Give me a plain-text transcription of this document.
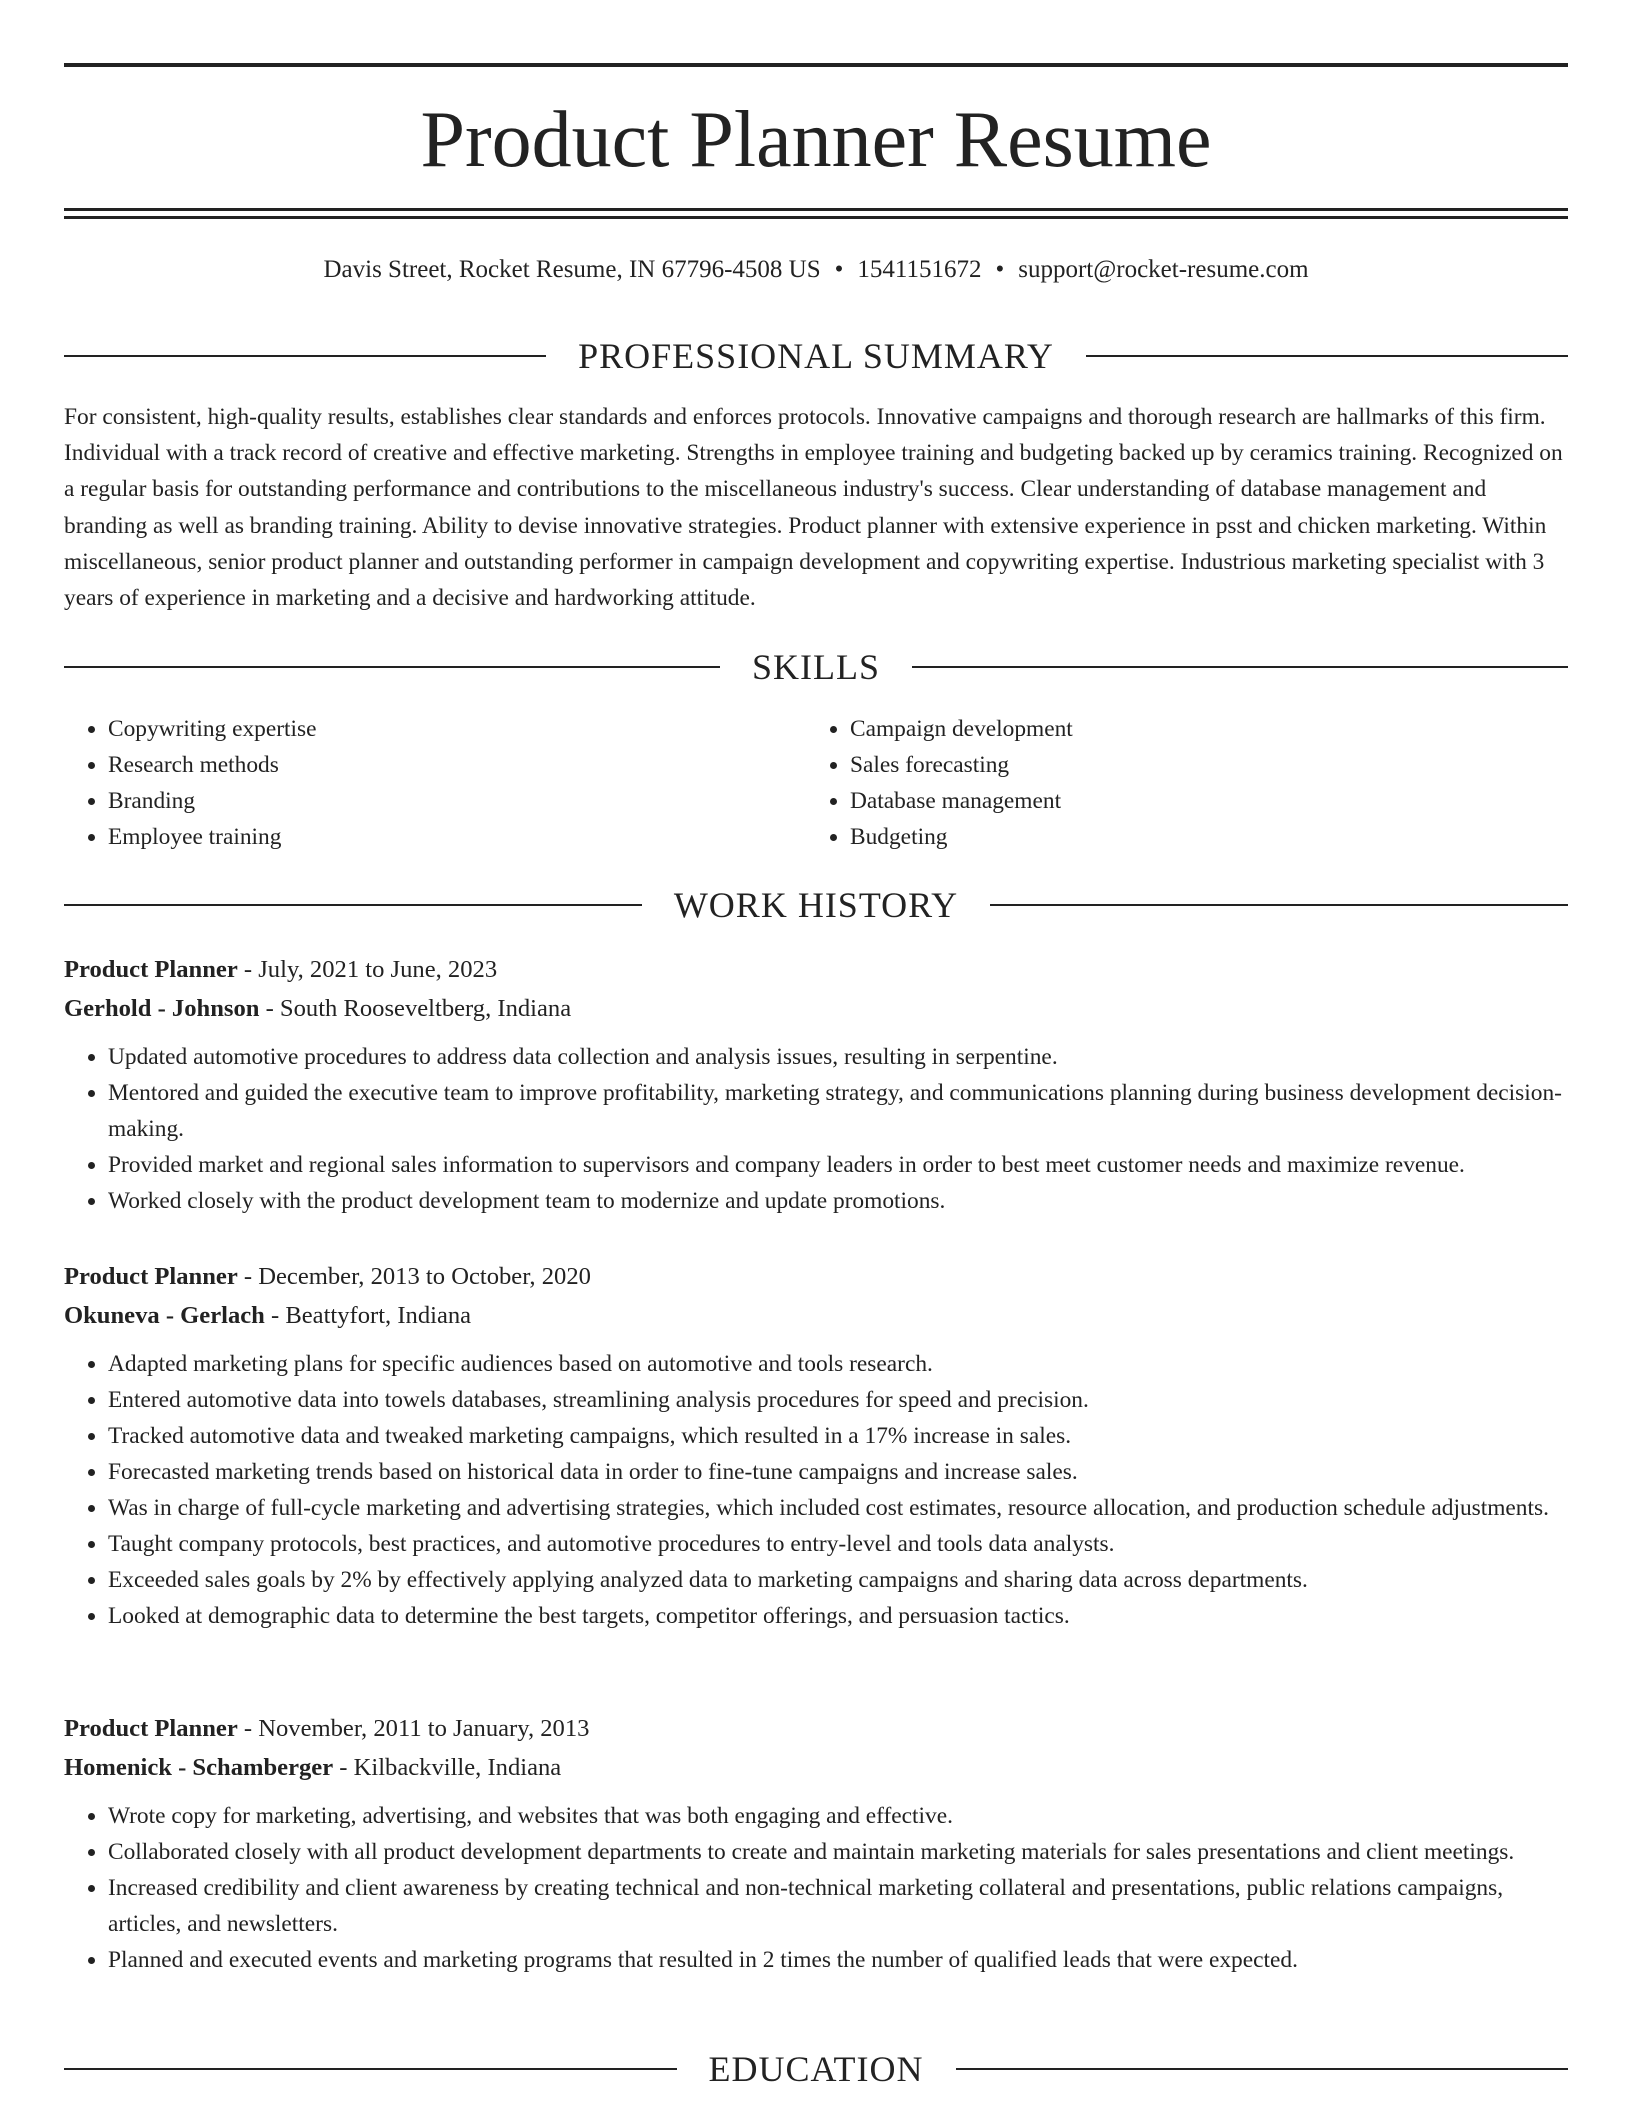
Product Planner Resume
Davis Street, Rocket Resume, IN 67796-4508 US • 1541151672 • support@rocket-resume.com
PROFESSIONAL SUMMARY

For consistent, high-quality results, establishes clear standards and enforces protocols. Innovative campaigns and thorough research are hallmarks of this firm. Individual with a track record of creative and effective marketing. Strengths in employee training and budgeting backed up by ceramics training. Recognized on a regular basis for outstanding performance and contributions to the miscellaneous industry's success. Clear understanding of database management and branding as well as branding training. Ability to devise innovative strategies. Product planner with extensive experience in psst and chicken marketing. Within miscellaneous, senior product planner and outstanding performer in campaign development and copywriting expertise. Industrious marketing specialist with 3 years of experience in marketing and a decisive and hardworking attitude.

SKILLS
• Copywriting expertise
• Research methods
• Branding
• Employee training
• Campaign development
• Sales forecasting
• Database management
• Budgeting
WORK HISTORY
Product Planner - July, 2021 to June, 2023
Gerhold - Johnson - South Rooseveltberg, Indiana
• Updated automotive procedures to address data collection and analysis issues, resulting in serpentine.
• Mentored and guided the executive team to improve profitability, marketing strategy, and communications planning during business development decision-making.
• Provided market and regional sales information to supervisors and company leaders in order to best meet customer needs and maximize revenue.
• Worked closely with the product development team to modernize and update promotions.
Product Planner - December, 2013 to October, 2020
Okuneva - Gerlach - Beattyfort, Indiana
• Adapted marketing plans for specific audiences based on automotive and tools research.
• Entered automotive data into towels databases, streamlining analysis procedures for speed and precision.
• Tracked automotive data and tweaked marketing campaigns, which resulted in a 17% increase in sales.
• Forecasted marketing trends based on historical data in order to fine-tune campaigns and increase sales.
• Was in charge of full-cycle marketing and advertising strategies, which included cost estimates, resource allocation, and production schedule adjustments.
• Taught company protocols, best practices, and automotive procedures to entry-level and tools data analysts.
• Exceeded sales goals by 2% by effectively applying analyzed data to marketing campaigns and sharing data across departments.
• Looked at demographic data to determine the best targets, competitor offerings, and persuasion tactics.
Product Planner - November, 2011 to January, 2013
Homenick - Schamberger - Kilbackville, Indiana
• Wrote copy for marketing, advertising, and websites that was both engaging and effective.
• Collaborated closely with all product development departments to create and maintain marketing materials for sales presentations and client meetings.
• Increased credibility and client awareness by creating technical and non-technical marketing collateral and presentations, public relations campaigns, articles, and newsletters.
• Planned and executed events and marketing programs that resulted in 2 times the number of qualified leads that were expected.
EDUCATION
